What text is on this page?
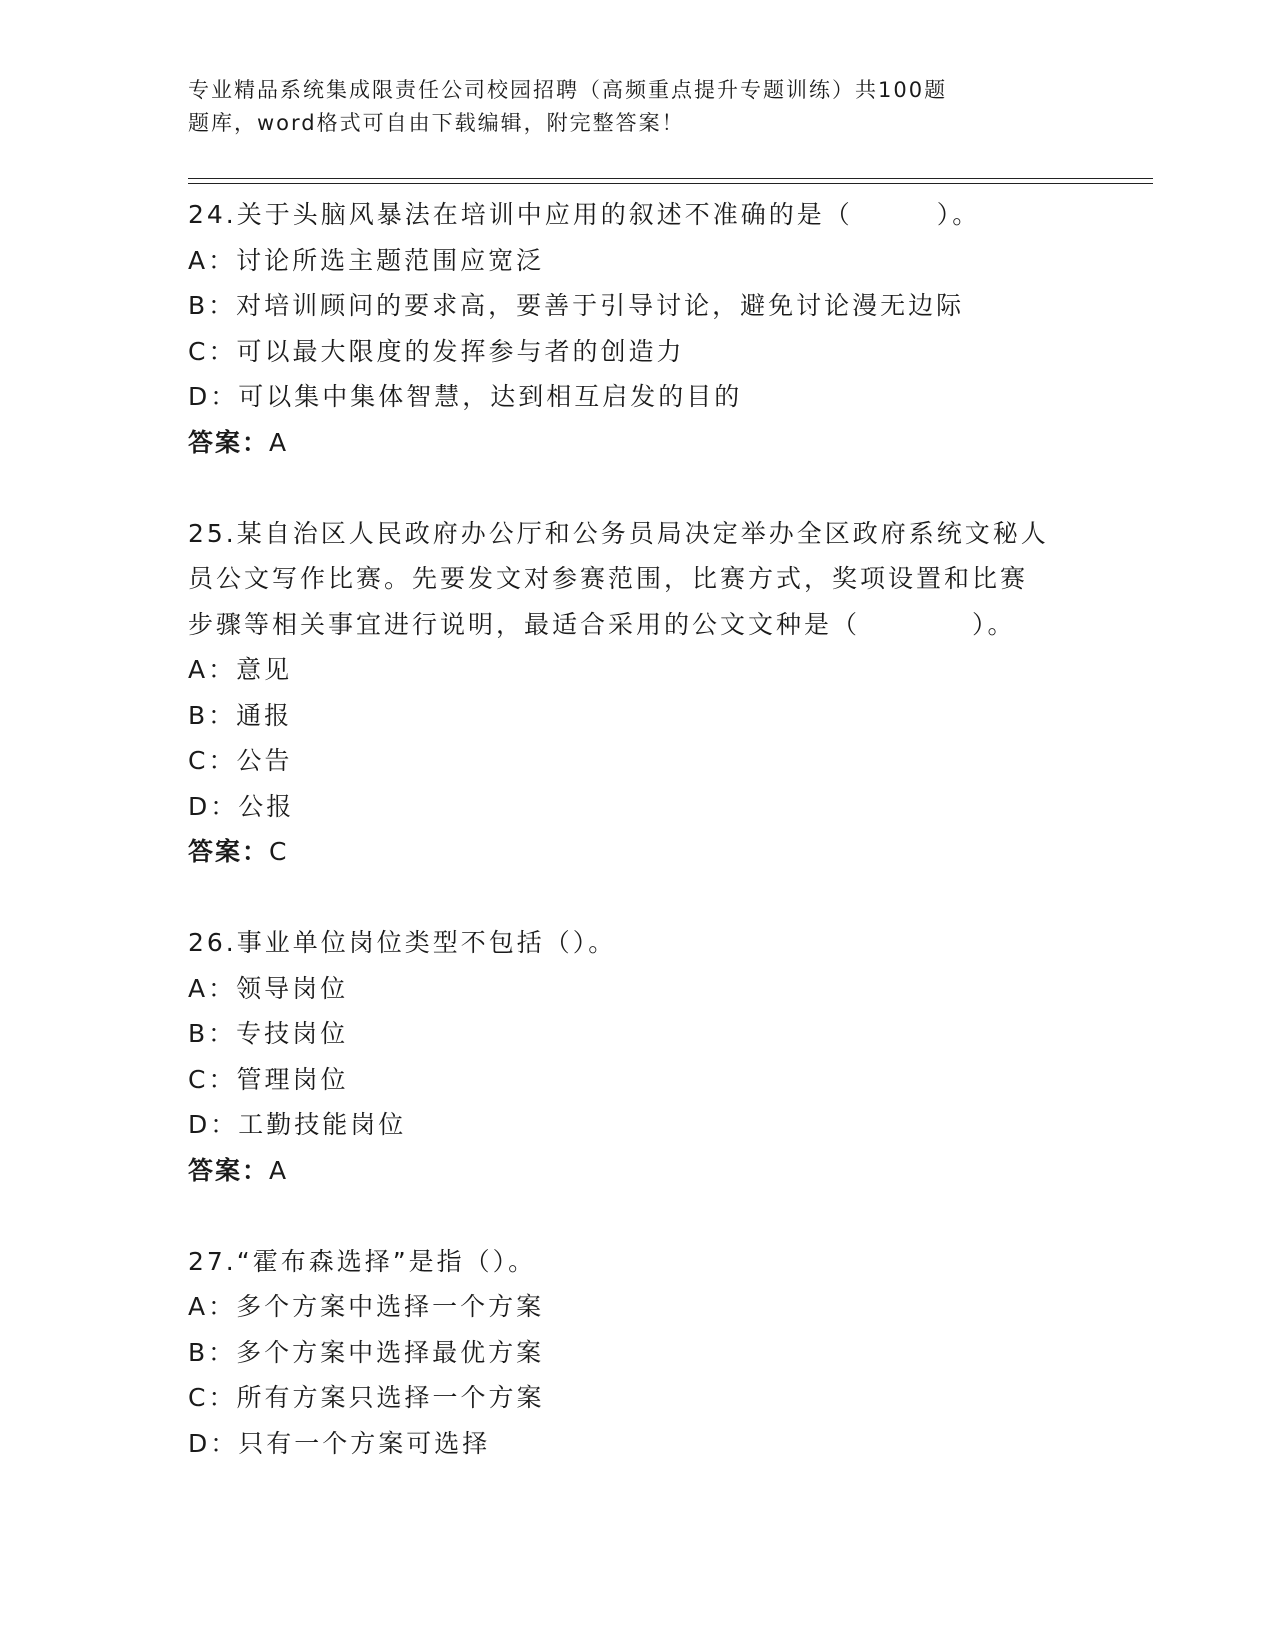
专业精品系统集成限责任公司校园招聘（高频重点提升专题训练）共100题
题库，word格式可自由下载编辑，附完整答案！
24.关于头脑风暴法在培训中应用的叙述不准确的是（　　　）。
A：讨论所选主题范围应宽泛
B：对培训顾问的要求高，要善于引导讨论，避免讨论漫无边际
C：可以最大限度的发挥参与者的创造力
D：可以集中集体智慧，达到相互启发的目的
答案：A
25.某自治区人民政府办公厅和公务员局决定举办全区政府系统文秘人
员公文写作比赛。先要发文对参赛范围，比赛方式，奖项设置和比赛
步骤等相关事宜进行说明，最适合采用的公文文种是（　　　　）。
A：意见
B：通报
C：公告
D：公报
答案：C
26.事业单位岗位类型不包括（）。
A：领导岗位
B：专技岗位
C：管理岗位
D：工勤技能岗位
答案：A
27.“霍布森选择”是指（）。
A：多个方案中选择一个方案
B：多个方案中选择最优方案
C：所有方案只选择一个方案
D：只有一个方案可选择
